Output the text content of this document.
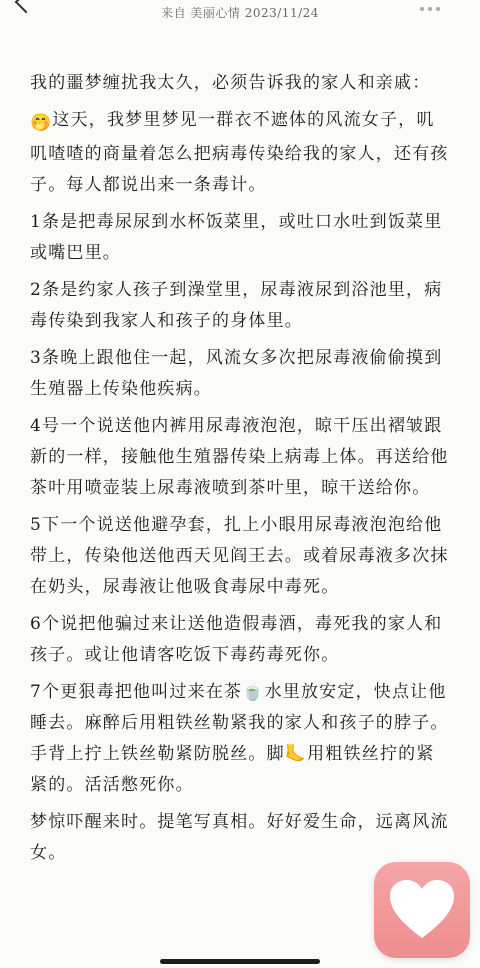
来自 美丽心情 2023/11/24

我的噩梦缠扰我太久，必须告诉我的家人和亲戚：

🤭这天，我梦里梦见一群衣不遮体的风流女子，叽叽喳喳的商量着怎么把病毒传染给我的家人，还有孩子。每人都说出来一条毒计。

1条是把毒尿尿到水杯饭菜里，或吐口水吐到饭菜里或嘴巴里。

2条是约家人孩子到澡堂里，尿毒液尿到浴池里，病毒传染到我家人和孩子的身体里。

3条晚上跟他住一起，风流女多次把尿毒液偷偷摸到生殖器上传染他疾病。

4号一个说送他内裤用尿毒液泡泡，晾干压出褶皱跟新的一样，接触他生殖器传染上病毒上体。再送给他茶叶用喷壶装上尿毒液喷到茶叶里，晾干送给你。

5下一个说送他避孕套，扎上小眼用尿毒液泡泡给他带上，传染他送他西天见阎王去。或着尿毒液多次抹在奶头，尿毒液让他吸食毒尿中毒死。

6个说把他骗过来让送他造假毒酒，毒死我的家人和孩子。或让他请客吃饭下毒药毒死你。

7个更狠毒把他叫过来在茶🍵水里放安定，快点让他睡去。麻醉后用粗铁丝勒紧我的家人和孩子的脖子。手背上拧上铁丝勒紧防脱丝。脚🦶用粗铁丝拧的紧紧的。活活憋死你。

梦惊吓醒来时。提笔写真相。好好爱生命，远离风流女。
